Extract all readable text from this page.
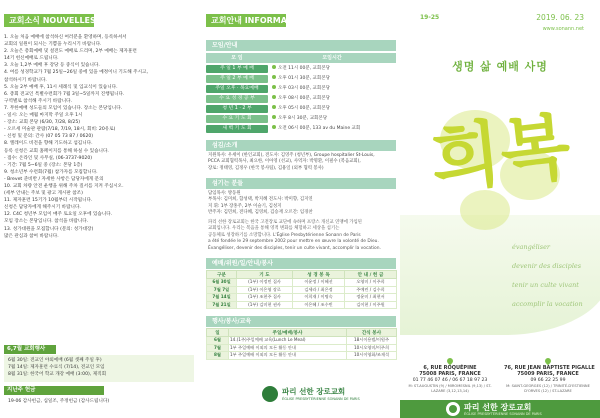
교회소식 NOUVELLES
1. 오늘 처음 예배에 참석하신 여러분을 환영하며, 등록하셔서
교회의 일원이 되시는 기쁨을 누리시기 바랍니다.
2. 오늘은 총회예배 및 설전도 예배로 드리며, 2부 예배는 제자훈련
14기 헌신예배로 드립니다.
3. 오늘 1,2부 예배 후 강당 등 중식이 있습니다.
4. 여름 성경학교가 7월 25일~26일 중에 있을 예정이니 기도해 주시고,
참석하시기 바랍니다.
5. 오늘 2부 예배 후, 11시 세례식 및 입교식이 있습니다.
6. 총회 전교인 특별수련회가 7월 3일~5일까지 진행됩니다.
구역별로 참석해 주시기 바랍니다.
7. 무한예배 성도들의 모임이 있습니다. 장소는 본당입니다.
- 일시: 오는 매월 마지막 주일 오후 1시
- 장소: 교회 본당 (6/30, 7/28, 8/25)
- 오르세 미술관 관람(7/18, 7/19, 18시, 회비: 20유로)
- 신청 및 문의: 간사 (07 05 73 87 / 0620)
8. 엘레이드 비전을 향해 기도하고 섬깁니다.
등록 신청은 교회 홈페이지를 통해 하실 수 있습니다.
- 접수: 온라인 및 사무실, (06-3737-9020)
- 기간: 7월 5~6일 중 (장소: 본당 1층)
9. 청소년부 수련회(7월) 참가자를 모집합니다.
- Brevet 준비반 / 자세한 사항은 담당자에게 문의
10. 교회 차량 안전 운행을 위해 주차 질서를 지켜 주십시오.
(세부 안내는 주보 및 광고 게시판 참조)
11. 제자훈련 15기가 10월부터 시작됩니다.
신청은 담당자에게 해주시기 바랍니다.
12. C4C 청년부 모임이 매주 토요일 오후에 있습니다.
모임 장소는 본당입니다. 참석을 바랍니다.
13. 성가대원을 모집합니다 (문의: 성가대장)
많은 관심과 참여 바랍니다.
6,7월 교회행사
6월 30일: 전교인 야외예배 (6월 셋째 주일 후)
7월 14일: 제자훈련 수료식 (7/14), 전교인 모임
8월 31일: 한국어 학교 개강 예배 (3:00), 제직회
지난주 헌금
19-06 감사헌금, 십일조, 주정헌금 (감사드립니다)
교회안내 INFORMATION
모임/안내
모 임	모임시간
주 일 1 부 예 배	오전 11시 00분, 교회본당
주 일 2 부 예 배	오후 01시 30분, 교회본당
주일 오후 · 목요예배	오후 03시 00분, 교회본당
수 요 성 경 공 부	오후 08시 00분, 교회본당
청 년 1 · 2 부	오후 05시 00분, 교회본당
수 요 기 도 회	오후 8시 30분, 교회본당
새 벽 기 도 회	오전 06시 00분, 133 av du Maine 교회
섬김/소개
지원목사: 우세이 (한인교회), 전도사: 김영주 (청년부), Groupe hospitalier St-Louis,
PCCA 교회협력목사, 최요한, 이아영 (선교), 사역자: 박명환, 이필수 (복음교회),
장로: 정태영, 김정우 (한국 봉사팀), 김용일 (외부 협력 봉사)
섬기는 분들
담임목사: 방동원
부목사: 김미희, 함성택, 박지혜 전도사: 박미향, 김지연
지 휘: 1부 장홍주, 2부 이슬기, 김성지
반주자: 김민희, 전다혜, 김영희, 김승재 오르간: 임경찬
파리 선한 장로교회는 한국 고전장로 교단에 속하며 프랑스 개신교 연맹에 가입된
교회입니다. 우리는 복음을 통해 영적 변화를 체험하고 세상을 섬기는
공동체로 성장하기를 소망합니다. L'Église Presbytérienne Sonann de Paris
a été fondée le 29 septembre 2002 pour mettre en œuvre la volonté de Dieu.
Évangéliser, devenir des disciples, tenir un culte vivant, accomplir la vocation.
예배/위원/일/안내/봉사
구분	기 도	성 경 봉 독	안 내 / 헌 금
6월 30일	(1부) 이정민 집사	이윤정 / 이혜선	오영미 / 이주희
7월 7일	(1부) 이은영 장로	김세라 / 최은정	주예린 / 김수희
7월 14일	(1부) 조현주 집사	이희재 / 이명숙	정윤미 / 최현서
7월 21일	(1부) 김미현 권사	이은혜 / 조수빈	김이현 / 이주원
행사/봉사/교육
일	주일/예배/봉사	간식 봉사
6월	14.(1주)주일예배 교육(Lunch Le Meal)	18시이용범/이원주
7월	1부 주일예배 이외의 모든 활동 안내	10시오영미/이주희
8월	1부 주일예배 이외의 모든 활동 안내	10시이영화/조재석
파리 선한 장로교회
ÉGLISE PRESBYTÉRIENNE SONANN DE PARIS
19-25	2019. 06. 23
www.sonann.net
생명 삶 예배 사명
희복
évangéliser
devenir des disciples
tenir un culte vivant
accomplir la vocation
6, RUE ROQUÉPINE
75008 PARIS, FRANCE
01 77 46 07 46 / 06 67 18 97 23
M: ST-AUGUSTIN (9) / MIROMESNIL (9,13) / ST-LAZARE (3,12,13,14)
76, RUE JEAN BAPTISTE PIGALLE
75009 PARIS, FRANCE
09 66 22 25 99
M: SAINT-GEORGES (12) / TRINITÉ-D'ESTIENNE D'ORVES (12) / ST-LAZARE
파리 선한 장로교회
ÉGLISE PRESBYTÉRIENNE SONANN DE PARIS
